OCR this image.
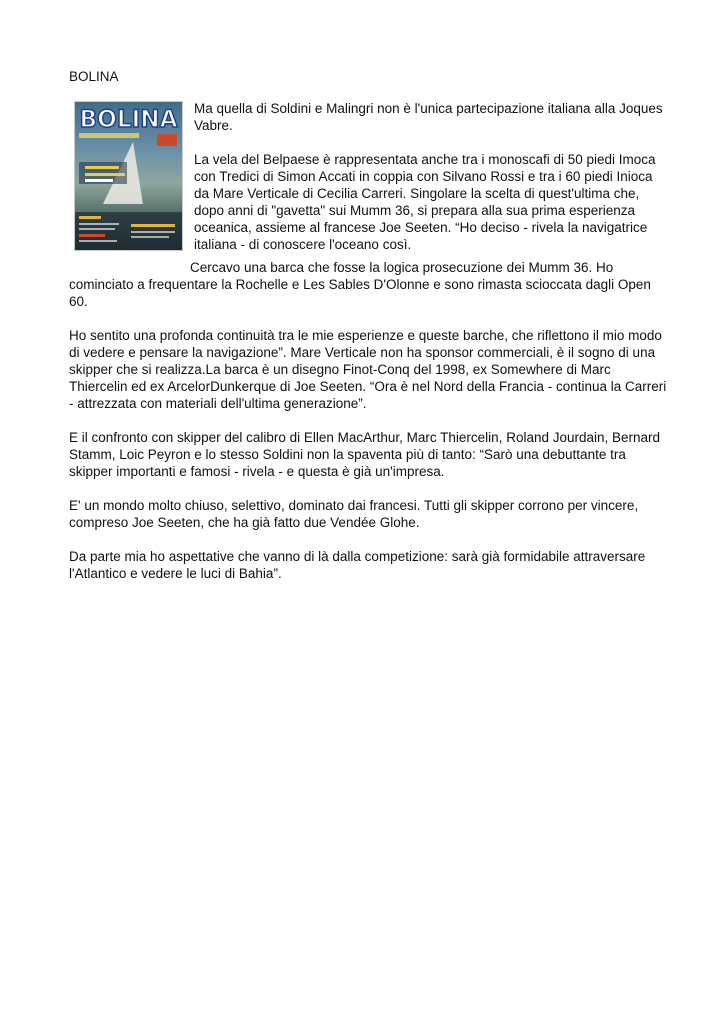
BOLINA
BOLINA Ma quella di Soldini e Malingri non è l'unica partecipazione italiana alla Joques Vabre.

La vela del Belpaese è rappresentata anche tra i monoscafi di 50 piedi Imoca con Tredici di Simon Accati in coppia con Silvano Rossi e tra i 60 piedi Inioca da Mare Verticale di Cecilia Carreri. Singolare la scelta di quest'ultima che, dopo anni di "gavetta" sui Mumm 36, si prepara alla sua prima esperienza oceanica, assieme al francese Joe Seeten. “Ho deciso - rivela la navigatrice italiana - di conoscere l'oceano così.

Cercavo una barca che fosse la logica prosecuzione dei Mumm 36. Ho cominciato a frequentare la Rochelle e Les Sables D'Olonne e sono rimasta scioccata dagli Open 60.

Ho sentito una profonda continuità tra le mie esperienze e queste barche, che riflettono il mio modo di vedere e pensare la navigazione”. Mare Verticale non ha sponsor commerciali, è il sogno di una skipper che si realizza.La barca è un disegno Finot-Conq del 1998, ex Somewhere di Marc Thiercelin ed ex ArcelorDunkerque di Joe Seeten. “Ora è nel Nord della Francia - continua la Carreri - attrezzata con materiali dell'ultima generazione”.

E il confronto con skipper del calibro di Ellen MacArthur, Marc Thiercelin, Roland Jourdain, Bernard Stamm, Loic Peyron e lo stesso Soldini non la spaventa più di tanto: “Sarò una debuttante tra skipper importanti e famosi - rivela - e questa è già un'impresa.

E' un mondo molto chiuso, selettivo, dominato dai francesi. Tutti gli skipper corrono per vincere, compreso Joe Seeten, che ha già fatto due Vendée Glohe.

Da parte mia ho aspettative che vanno di là dalla competizione: sarà già formidabile attraversare l'Atlantico e vedere le luci di Bahia”.
